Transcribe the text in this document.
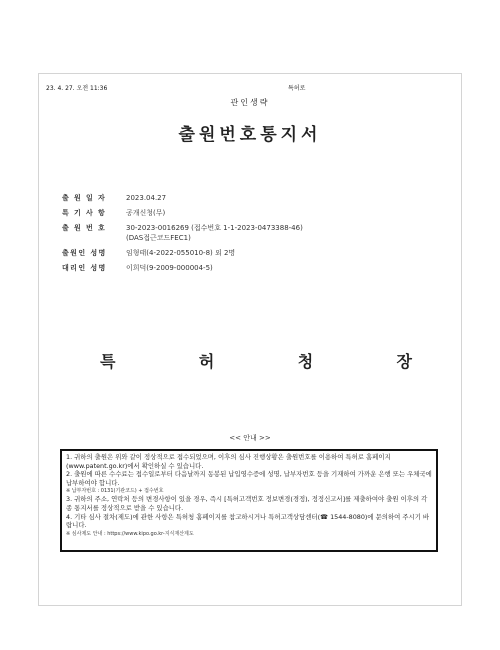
23. 4. 27. 오전 11:36	특허로
관인생략
출원번호통지서
출 원 일 자	2023.04.27
특 기 사 항	공개신청(무)
출 원 번 호	30-2023-0016269 (접수번호 1-1-2023-0473388-46)
(DAS접근코드FEC1)
출원인 성명	임형태(4-2022-055010-8) 외 2명
대리인 성명	이희덕(9-2009-000004-5)
특	허	청	장
<< 안내 >>
1. 귀하의 출원은 위와 같이 정상적으로 접수되었으며, 이후의 심사 진행상황은 출원번호를 이용하여 특허로 홈페이지(www.patent.go.kr)에서 확인하실 수 있습니다.
2. 출원에 따른 수수료는 접수일로부터 다음날까지 동봉된 납입영수증에 성명, 납부자번호 등을 기재하여 가까운 은행 또는 우체국에 납부하여야 합니다.
※ 납부자번호 : 0131(기관코드) + 접수번호
3. 귀하의 주소, 연락처 등의 변경사항이 있을 경우, 즉시 [특허고객번호 정보변경(경정), 정정신고서]를 제출하여야 출원 이후의 각종 통지서를 정상적으로 받을 수 있습니다.
4. 기타 심사 절차(제도)에 관한 사항은 특허청 홈페이지를 참고하시거나 특허고객상담센터(☎ 1544-8080)에 문의하여 주시기 바랍니다.
※ 심사제도 안내 : https://www.kipo.go.kr-지식재산제도
